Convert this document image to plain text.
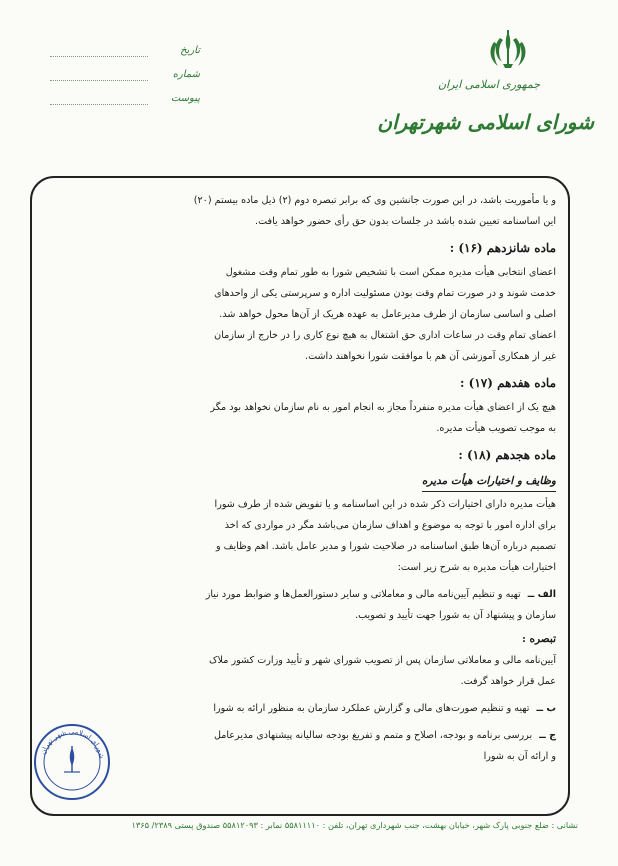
جمهوری اسلامی ایران
شورای اسلامی شهرتهران
تاریخ
شماره
پیوست

و یا مأموریت باشد، در این صورت جانشین وی که برابر تبصره دوم (۲) ذیل ماده بیستم (۲۰)

این اساسنامه تعیین شده باشد در جلسات بدون حق رأی حضور خواهد یافت.

ماده شانزدهم (۱۶) :

اعضای انتخابی هیأت مدیره ممکن است با تشخیص شورا به طور تمام وقت مشغول

خدمت شوند و در صورت تمام وقت بودن مسئولیت اداره و سرپرستی یکی از واحدهای

اصلی و اساسی سازمان از طرف مدیرعامل به عهده هریک از آن‌ها محول خواهد شد.

اعضای تمام وقت در ساعات اداری حق اشتغال به هیچ نوع کاری را در خارج از سازمان

غیر از همکاری آموزشی آن هم با موافقت شورا نخواهند داشت.

ماده هفدهم (۱۷) :

هیچ یک از اعضای هیأت مدیره منفرداً مجاز به انجام امور به نام سازمان نخواهد بود مگر

به موجب تصویب هیأت مدیره.

ماده هجدهم (۱۸) :
وظایف و اختیارات هیأت مدیره

هیأت مدیره دارای اختیارات ذکر شده در این اساسنامه و یا تفویض شده از طرف شورا

برای اداره امور با توجه به موضوع و اهداف سازمان می‌باشد مگر در مواردی که اخذ

تصمیم درباره آن‌ها طبق اساسنامه در صلاحیت شورا و مدیر عامل باشد. اهم وظایف و

اختیارات هیأت مدیره به شرح زیر است:

الف ــ تهیه و تنظیم آیین‌نامه مالی و معاملاتی و سایر دستورالعمل‌ها و ضوابط مورد نیاز

سازمان و پیشنهاد آن به شورا جهت تأیید و تصویب.

تبصره :

آیین‌نامه مالی و معاملاتی سازمان پس از تصویب شورای شهر و تأیید وزارت کشور ملاک

عمل قرار خواهد گرفت.

ب ــ تهیه و تنظیم صورت‌های مالی و گزارش عملکرد سازمان به منظور ارائه به شورا

ج ــ بررسی برنامه و بودجه، اصلاح و متمم و تفریغ بودجه سالیانه پیشنهادی مدیرعامل

و ارائه آن به شورا

شورای اسلامی شهر تهران
نشانی : ضلع جنوبی پارک شهر، خیابان بهشت، جنب شهرداری تهران، تلفن : ۵۵۸۱۱۱۱۰ نمابر : ۵۵۸۱۲۰۹۳ صندوق پستی ۲۳۸۹/ ۱۳۶۵
